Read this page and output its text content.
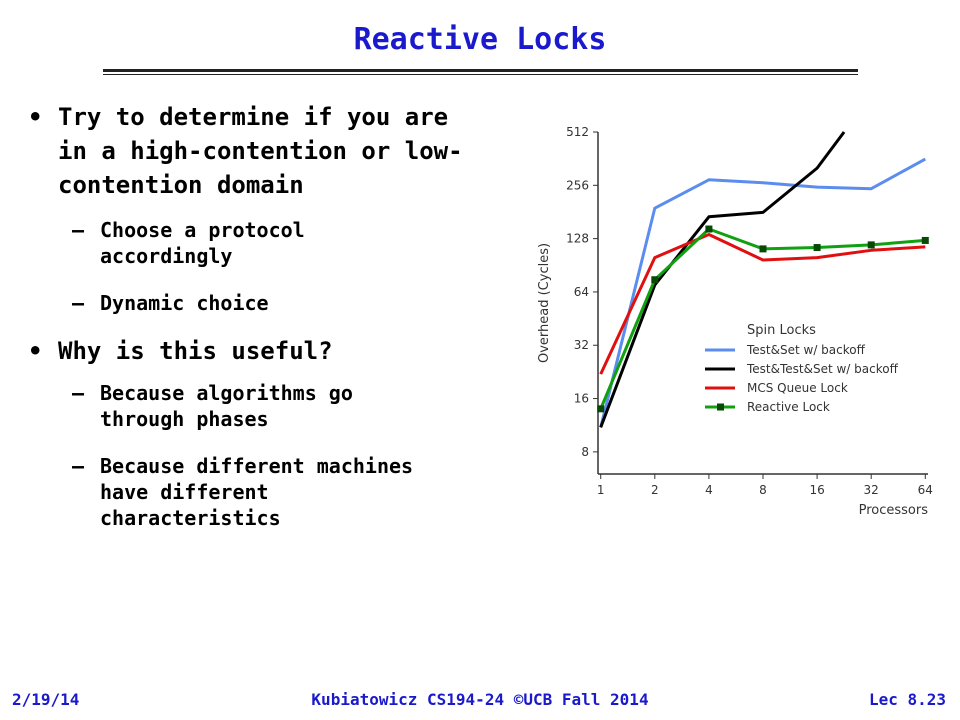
Reactive Locks
• Try to determine if you are
in a high-contention or low-
contention domain
– Choose a protocol
accordingly
– Dynamic choice
• Why is this useful?
– Because algorithms go
through phases
– Because different machines
have different
characteristics
8
16
32
64
128
256
512
1	2	4	8	16	32	64
Processors
Overhead (Cycles)	Spin Locks
Test&Set w/ backoff
Test&Test&Set w/ backoff
MCS Queue Lock
Reactive Lock
2/19/14	Kubiatowicz CS194-24 ©UCB Fall 2014	Lec 8.23
